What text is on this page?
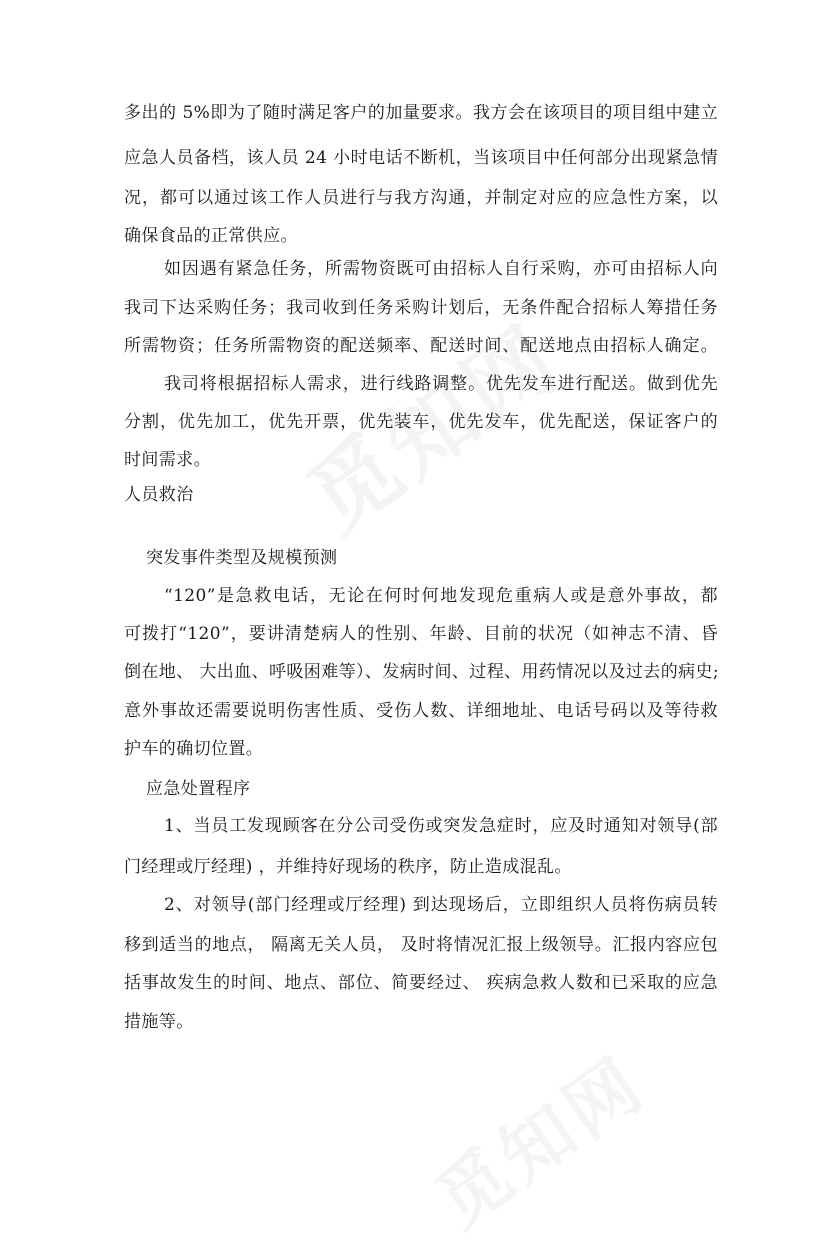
多出的 5%即为了随时满足客户的加量要求。我方会在该项目的项目组中建立
应急人员备档，该人员 24 小时电话不断机，当该项目中任何部分出现紧急情
况，都可以通过该工作人员进行与我方沟通，并制定对应的应急性方案，以
确保食品的正常供应。
如因遇有紧急任务，所需物资既可由招标人自行采购，亦可由招标人向
我司下达采购任务；我司收到任务采购计划后，无条件配合招标人筹措任务
所需物资；任务所需物资的配送频率、配送时间、配送地点由招标人确定。
我司将根据招标人需求，进行线路调整。优先发车进行配送。做到优先
分割，优先加工，优先开票，优先装车，优先发车，优先配送，保证客户的
时间需求。
人员救治
突发事件类型及规模预测
“120”是急救电话，无论在何时何地发现危重病人或是意外事故，都
可拨打“120”，要讲清楚病人的性别、年龄、目前的状况（如神志不清、昏
倒在地、 大出血、呼吸困难等）、发病时间、过程、用药情况以及过去的病史;
意外事故还需要说明伤害性质、受伤人数、详细地址、电话号码以及等待救
护车的确切位置。
应急处置程序
1、当员工发现顾客在分公司受伤或突发急症时，应及时通知对领导(部
门经理或厅经理) ，并维持好现场的秩序，防止造成混乱。
2、对领导(部门经理或厅经理) 到达现场后，立即组织人员将伤病员转
移到适当的地点， 隔离无关人员， 及时将情况汇报上级领导。汇报内容应包
括事故发生的时间、地点、部位、简要经过、 疾病急救人数和已采取的应急
措施等。
